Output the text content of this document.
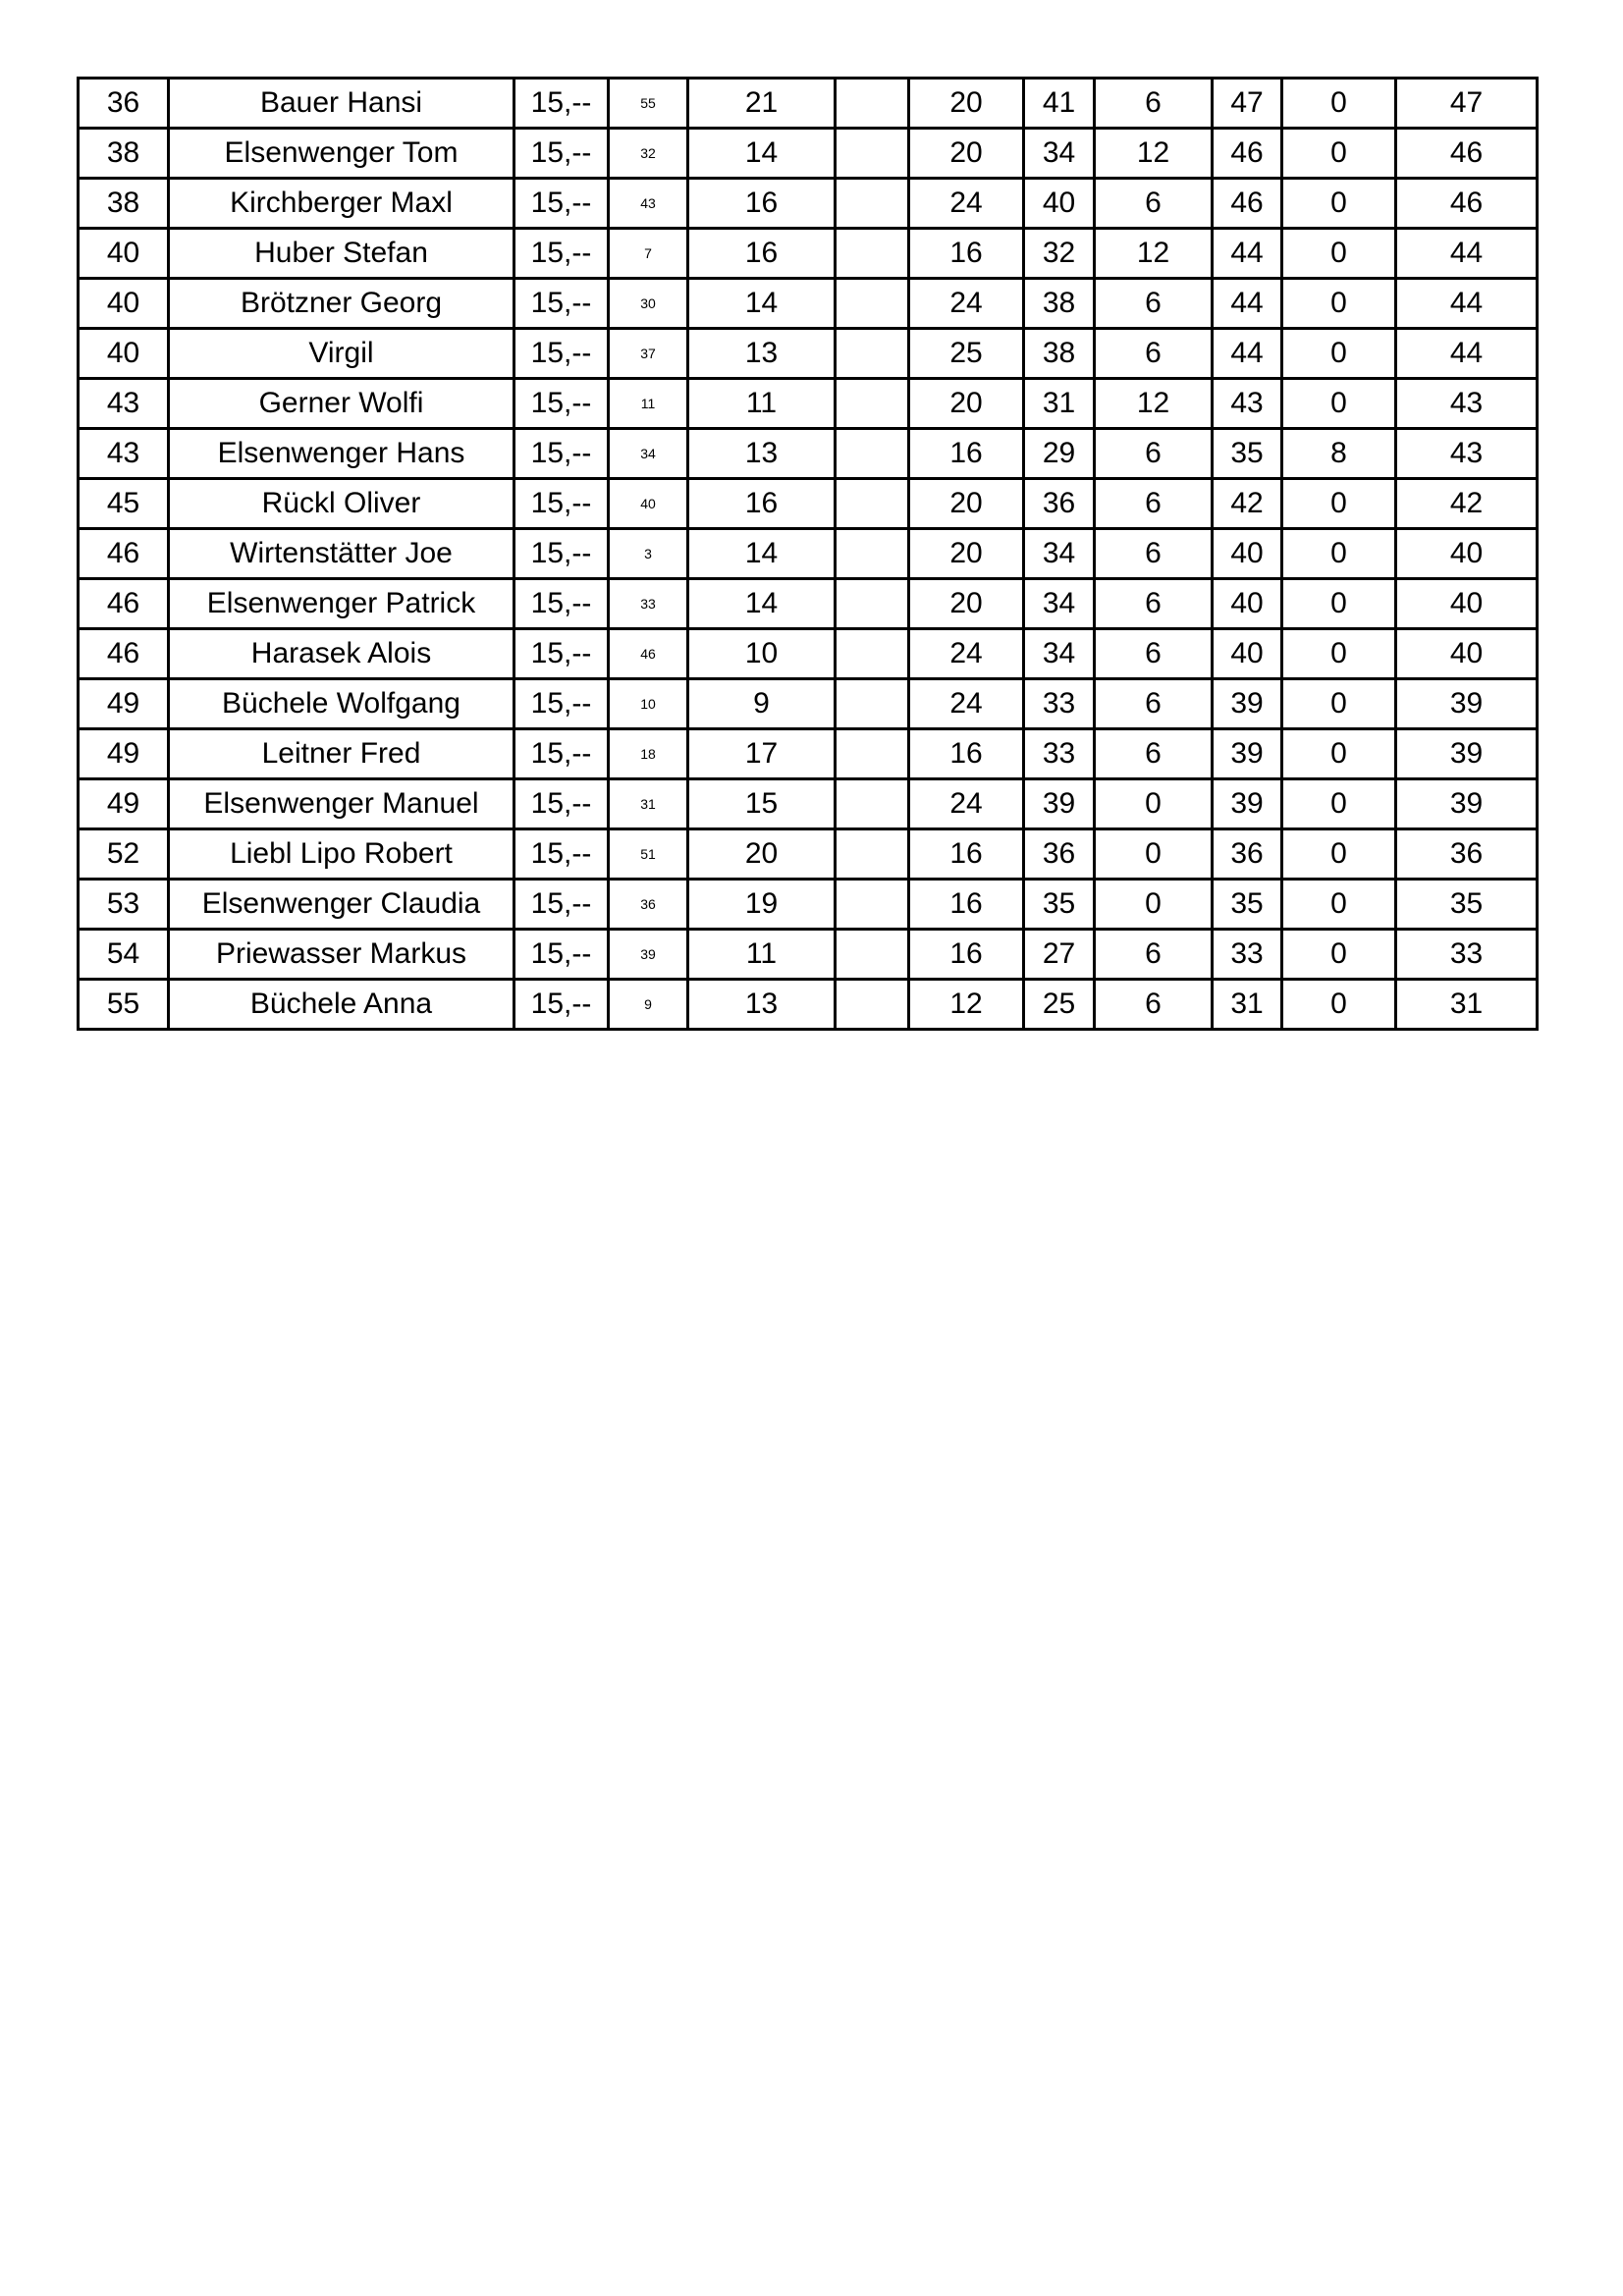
36	Bauer Hansi	15,--	55	21		20	41	6	47	0	47
38	Elsenwenger Tom	15,--	32	14		20	34	12	46	0	46
38	Kirchberger Maxl	15,--	43	16		24	40	6	46	0	46
40	Huber Stefan	15,--	7	16		16	32	12	44	0	44
40	Brötzner Georg	15,--	30	14		24	38	6	44	0	44
40	Virgil	15,--	37	13		25	38	6	44	0	44
43	Gerner Wolfi	15,--	11	11		20	31	12	43	0	43
43	Elsenwenger Hans	15,--	34	13		16	29	6	35	8	43
45	Rückl Oliver	15,--	40	16		20	36	6	42	0	42
46	Wirtenstätter Joe	15,--	3	14		20	34	6	40	0	40
46	Elsenwenger Patrick	15,--	33	14		20	34	6	40	0	40
46	Harasek Alois	15,--	46	10		24	34	6	40	0	40
49	Büchele Wolfgang	15,--	10	9		24	33	6	39	0	39
49	Leitner Fred	15,--	18	17		16	33	6	39	0	39
49	Elsenwenger Manuel	15,--	31	15		24	39	0	39	0	39
52	Liebl Lipo Robert	15,--	51	20		16	36	0	36	0	36
53	Elsenwenger Claudia	15,--	36	19		16	35	0	35	0	35
54	Priewasser Markus	15,--	39	11		16	27	6	33	0	33
55	Büchele Anna	15,--	9	13		12	25	6	31	0	31
